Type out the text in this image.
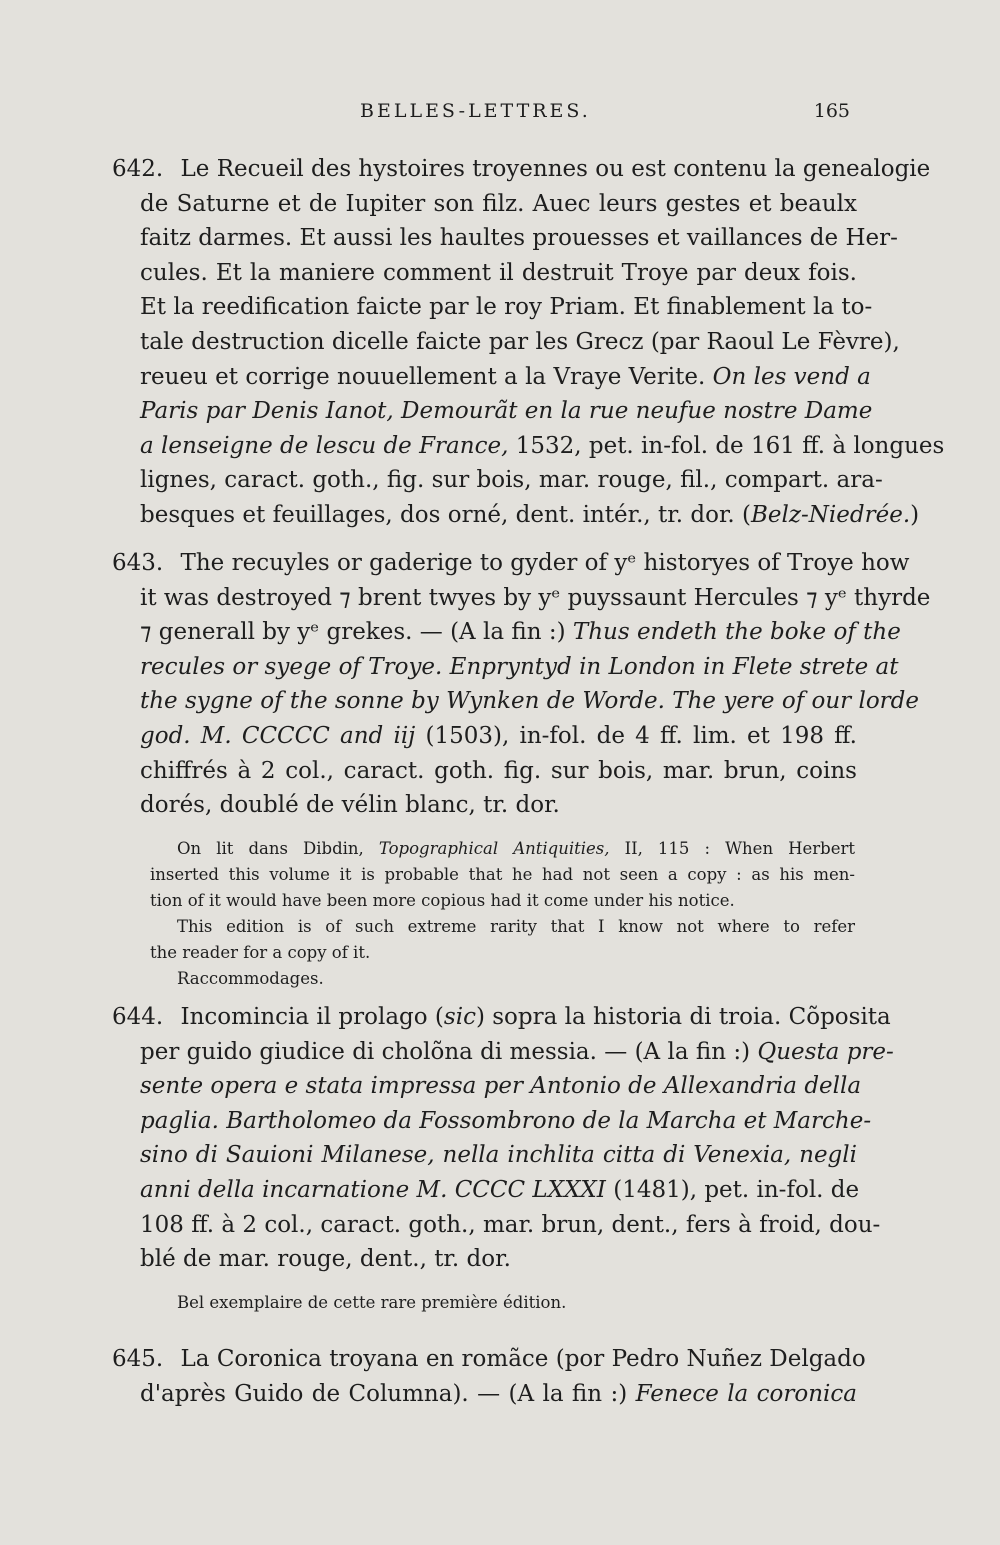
BELLES-LETTRES.	165
642. Le Recueil des hystoires troyennes ou est contenu la genealogie
de Saturne et de Iupiter son filz. Auec leurs gestes et beaulx
faitz darmes. Et aussi les haultes prouesses et vaillances de Her-
cules. Et la maniere comment il destruit Troye par deux fois.
Et la reedification faicte par le roy Priam. Et finablement la to-
tale destruction dicelle faicte par les Grecz (par Raoul Le Fèvre),
reueu et corrige nouuellement a la Vraye Verite. On les vend a
Paris par Denis Ianot, Demourãt en la rue neufue nostre Dame
a lenseigne de lescu de France, 1532, pet. in-fol. de 161 ff. à longues
lignes, caract. goth., fig. sur bois, mar. rouge, fil., compart. ara-
besques et feuillages, dos orné, dent. intér., tr. dor. (Belz-Niedrée.)
643. The recuyles or gaderige to gyder of yᵉ historyes of Troye how
it was destroyed ⁊ brent twyes by yᵉ puyssaunt Hercules ⁊ yᵉ thyrde
⁊ generall by yᵉ grekes. — (A la fin :) Thus endeth the boke of the
recules or syege of Troye. Enpryntyd in London in Flete strete at
the sygne of the sonne by Wynken de Worde. The yere of our lorde
god. M. CCCCC and iij (1503), in-fol. de 4 ff. lim. et 198 ff.
chiffrés à 2 col., caract. goth. fig. sur bois, mar. brun, coins
dorés, doublé de vélin blanc, tr. dor.
On lit dans Dibdin, Topographical Antiquities, II, 115 : When Herbert
inserted this volume it is probable that he had not seen a copy : as his men-
tion of it would have been more copious had it come under his notice.
This edition is of such extreme rarity that I know not where to refer
the reader for a copy of it.
Raccommodages.
644. Incomincia il prolago (sic) sopra la historia di troia. Cõposita
per guido giudice di cholõna di messia. — (A la fin :) Questa pre-
sente opera e stata impressa per Antonio de Allexandria della
paglia. Bartholomeo da Fossombrono de la Marcha et Marche-
sino di Sauioni Milanese, nella inchlita citta di Venexia, negli
anni della incarnatione M. CCCC LXXXI (1481), pet. in-fol. de
108 ff. à 2 col., caract. goth., mar. brun, dent., fers à froid, dou-
blé de mar. rouge, dent., tr. dor.
Bel exemplaire de cette rare première édition.
645. La Coronica troyana en romãce (por Pedro Nuñez Delgado
d'après Guido de Columna). — (A la fin :) Fenece la coronica
